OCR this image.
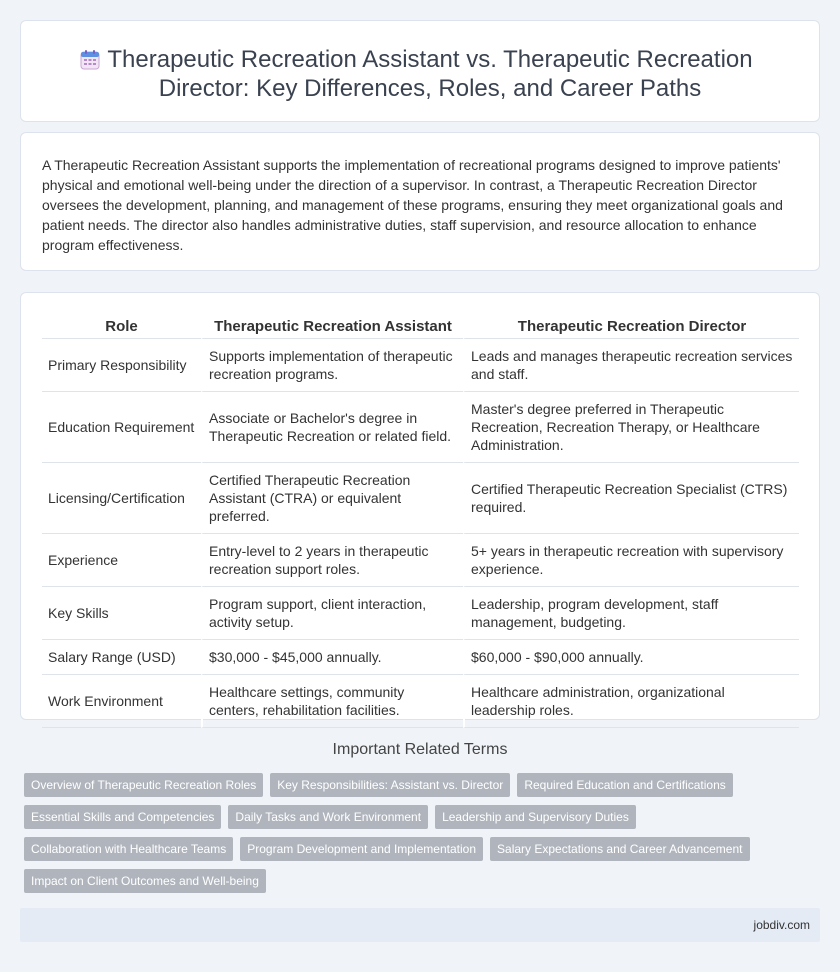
Therapeutic Recreation Assistant vs. Therapeutic Recreation Director: Key Differences, Roles, and Career Paths

A Therapeutic Recreation Assistant supports the implementation of recreational programs designed to improve patients' physical and emotional well-being under the direction of a supervisor. In contrast, a Therapeutic Recreation Director oversees the development, planning, and management of these programs, ensuring they meet organizational goals and patient needs. The director also handles administrative duties, staff supervision, and resource allocation to enhance program effectiveness.

Role	Therapeutic Recreation Assistant	Therapeutic Recreation Director
Primary Responsibility	Supports implementation of therapeutic recreation programs.	Leads and manages therapeutic recreation services and staff.
Education Requirement	Associate or Bachelor's degree in Therapeutic Recreation or related field.	Master's degree preferred in Therapeutic Recreation, Recreation Therapy, or Healthcare Administration.
Licensing/Certification	Certified Therapeutic Recreation Assistant (CTRA) or equivalent preferred.	Certified Therapeutic Recreation Specialist (CTRS) required.
Experience	Entry-level to 2 years in therapeutic recreation support roles.	5+ years in therapeutic recreation with supervisory experience.
Key Skills	Program support, client interaction, activity setup.	Leadership, program development, staff management, budgeting.
Salary Range (USD)	$30,000 - $45,000 annually.	$60,000 - $90,000 annually.
Work Environment	Healthcare settings, community centers, rehabilitation facilities.	Healthcare administration, organizational leadership roles.
Important Related Terms
Overview of Therapeutic Recreation Roles Key Responsibilities: Assistant vs. Director Required Education and Certifications
Essential Skills and Competencies Daily Tasks and Work Environment Leadership and Supervisory Duties
Collaboration with Healthcare Teams Program Development and Implementation Salary Expectations and Career Advancement
Impact on Client Outcomes and Well-being
jobdiv.com
